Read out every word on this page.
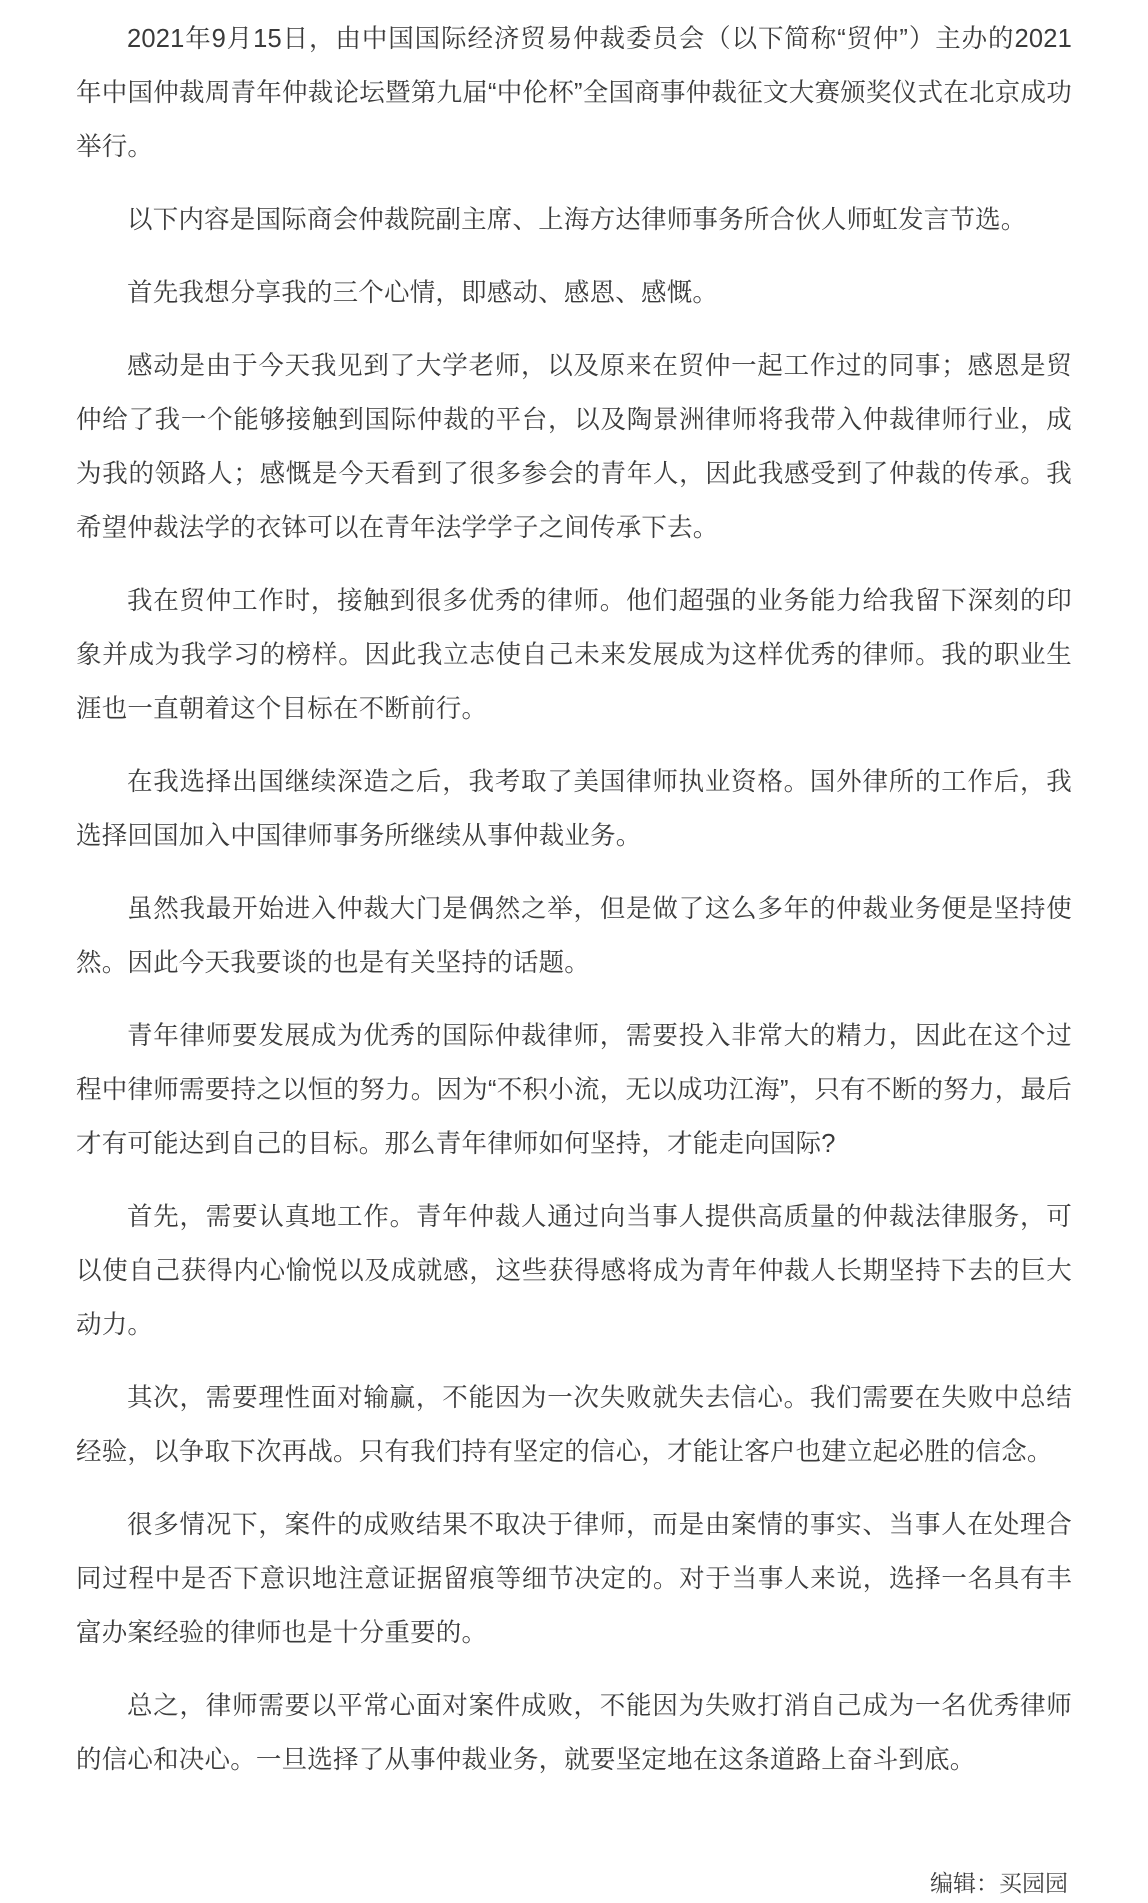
2021年9月15日，由中国国际经济贸易仲裁委员会（以下简称“贸仲”）主办的2021年中国仲裁周青年仲裁论坛暨第九届“中伦杯”全国商事仲裁征文大赛颁奖仪式在北京成功举行。

以下内容是国际商会仲裁院副主席、上海方达律师事务所合伙人师虹发言节选。

首先我想分享我的三个心情，即感动、感恩、感慨。

感动是由于今天我见到了大学老师，以及原来在贸仲一起工作过的同事；感恩是贸仲给了我一个能够接触到国际仲裁的平台，以及陶景洲律师将我带入仲裁律师行业，成为我的领路人；感慨是今天看到了很多参会的青年人，因此我感受到了仲裁的传承。我希望仲裁法学的衣钵可以在青年法学学子之间传承下去。

我在贸仲工作时，接触到很多优秀的律师。他们超强的业务能力给我留下深刻的印象并成为我学习的榜样。因此我立志使自己未来发展成为这样优秀的律师。我的职业生涯也一直朝着这个目标在不断前行。

在我选择出国继续深造之后，我考取了美国律师执业资格。国外律所的工作后，我选择回国加入中国律师事务所继续从事仲裁业务。

虽然我最开始进入仲裁大门是偶然之举，但是做了这么多年的仲裁业务便是坚持使然。因此今天我要谈的也是有关坚持的话题。

青年律师要发展成为优秀的国际仲裁律师，需要投入非常大的精力，因此在这个过程中律师需要持之以恒的努力。因为“不积小流，无以成功江海”，只有不断的努力，最后才有可能达到自己的目标。那么青年律师如何坚持，才能走向国际?

首先，需要认真地工作。青年仲裁人通过向当事人提供高质量的仲裁法律服务，可以使自己获得内心愉悦以及成就感，这些获得感将成为青年仲裁人长期坚持下去的巨大动力。

其次，需要理性面对输赢，不能因为一次失败就失去信心。我们需要在失败中总结经验，以争取下次再战。只有我们持有坚定的信心，才能让客户也建立起必胜的信念。

很多情况下，案件的成败结果不取决于律师，而是由案情的事实、当事人在处理合同过程中是否下意识地注意证据留痕等细节决定的。对于当事人来说，选择一名具有丰富办案经验的律师也是十分重要的。

总之，律师需要以平常心面对案件成败，不能因为失败打消自己成为一名优秀律师的信心和决心。一旦选择了从事仲裁业务，就要坚定地在这条道路上奋斗到底。

编辑：买园园
